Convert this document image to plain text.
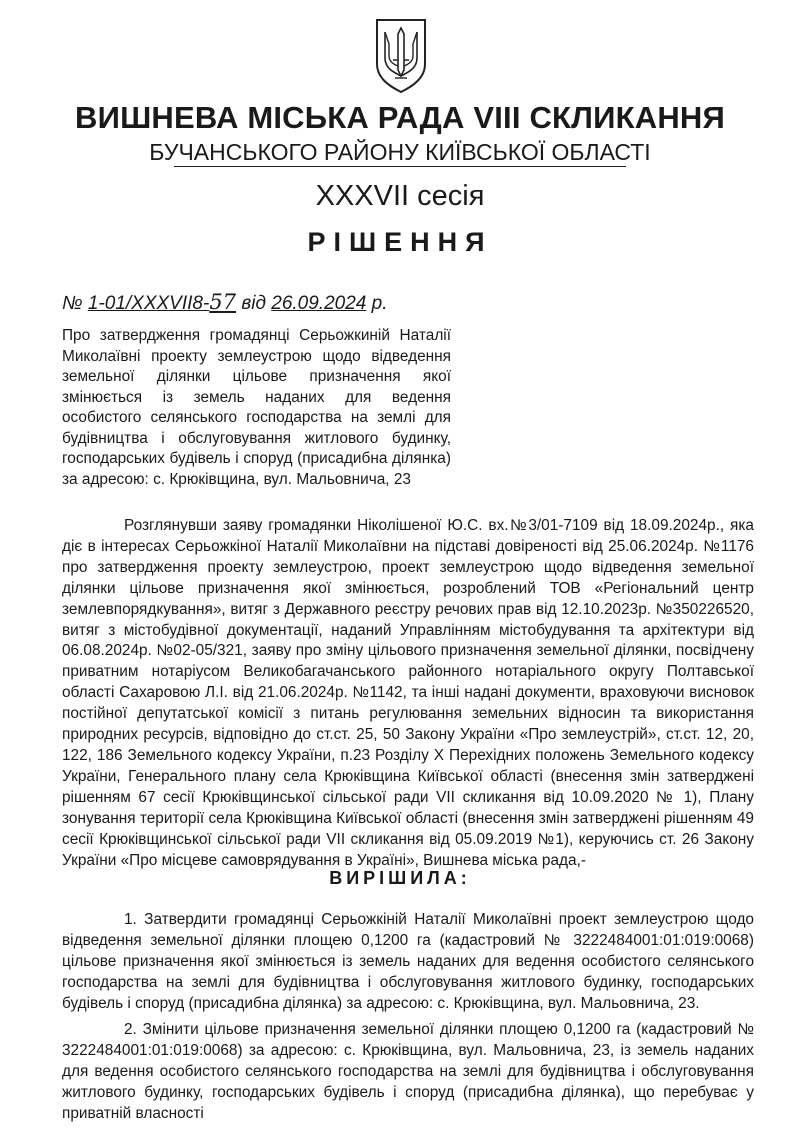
ВИШНЕВА МІСЬКА РАДА VIII СКЛИКАННЯ
БУЧАНСЬКОГО РАЙОНУ КИЇВСЬКОЇ ОБЛАСТІ
XXXVII сесія
РІШЕННЯ
№ 1-01/XXXVII8-57 від 26.09.2024 р.
Про затвердження громадянці Серьожкиній Наталії Миколаївні проекту землеустрою щодо відведення земельної ділянки цільове призначення якої змінюється із земель наданих для ведення особистого селянського господарства на землі для будівництва і обслуговування житлового будинку, господарських будівель і споруд (присадибна ділянка) за адресою: с. Крюківщина, вул. Мальовнича, 23
Розглянувши заяву громадянки Ніколішеної Ю.С. вх.№3/01-7109 від 18.09.2024р., яка діє в інтересах Серьожкіної Наталії Миколаївни на підставі довіреності від 25.06.2024р. №1176 про затвердження проекту землеустрою, проект землеустрою щодо відведення земельної ділянки цільове призначення якої змінюється, розроблений ТОВ «Регіональний центр землевпорядкування», витяг з Державного реєстру речових прав від 12.10.2023р. №350226520, витяг з містобудівної документації, наданий Управлінням містобудування та архітектури від 06.08.2024р. №02-05/321, заяву про зміну цільового призначення земельної ділянки, посвідчену приватним нотаріусом Великобагачанського районного нотаріального округу Полтавської області Сахаровою Л.І. від 21.06.2024р. №1142, та інші надані документи, враховуючи висновок постійної депутатської комісії з питань регулювання земельних відносин та використання природних ресурсів, відповідно до ст.ст. 25, 50 Закону України «Про землеустрій», ст.ст. 12, 20, 122, 186 Земельного кодексу України, п.23 Розділу X Перехідних положень Земельного кодексу України, Генерального плану села Крюківщина Київської області (внесення змін затверджені рішенням 67 сесії Крюківщинської сільської ради VII скликання від 10.09.2020 № 1), Плану зонування території села Крюківщина Київської області (внесення змін затверджені рішенням 49 сесії Крюківщинської сільської ради VII скликання від 05.09.2019 №1), керуючись ст. 26 Закону України «Про місцеве самоврядування в Україні», Вишнева міська рада,-
ВИРІШИЛА:
1. Затвердити громадянці Серьожкіній Наталії Миколаївні проект землеустрою щодо відведення земельної ділянки площею 0,1200 га (кадастровий № 3222484001:01:019:0068) цільове призначення якої змінюється із земель наданих для ведення особистого селянського господарства на землі для будівництва і обслуговування житлового будинку, господарських будівель і споруд (присадибна ділянка) за адресою: с. Крюківщина, вул. Мальовнича, 23.
2. Змінити цільове призначення земельної ділянки площею 0,1200 га (кадастровий № 3222484001:01:019:0068) за адресою: с. Крюківщина, вул. Мальовнича, 23, із земель наданих для ведення особистого селянського господарства на землі для будівництва і обслуговування житлового будинку, господарських будівель і споруд (присадибна ділянка), що перебуває у приватній власності
